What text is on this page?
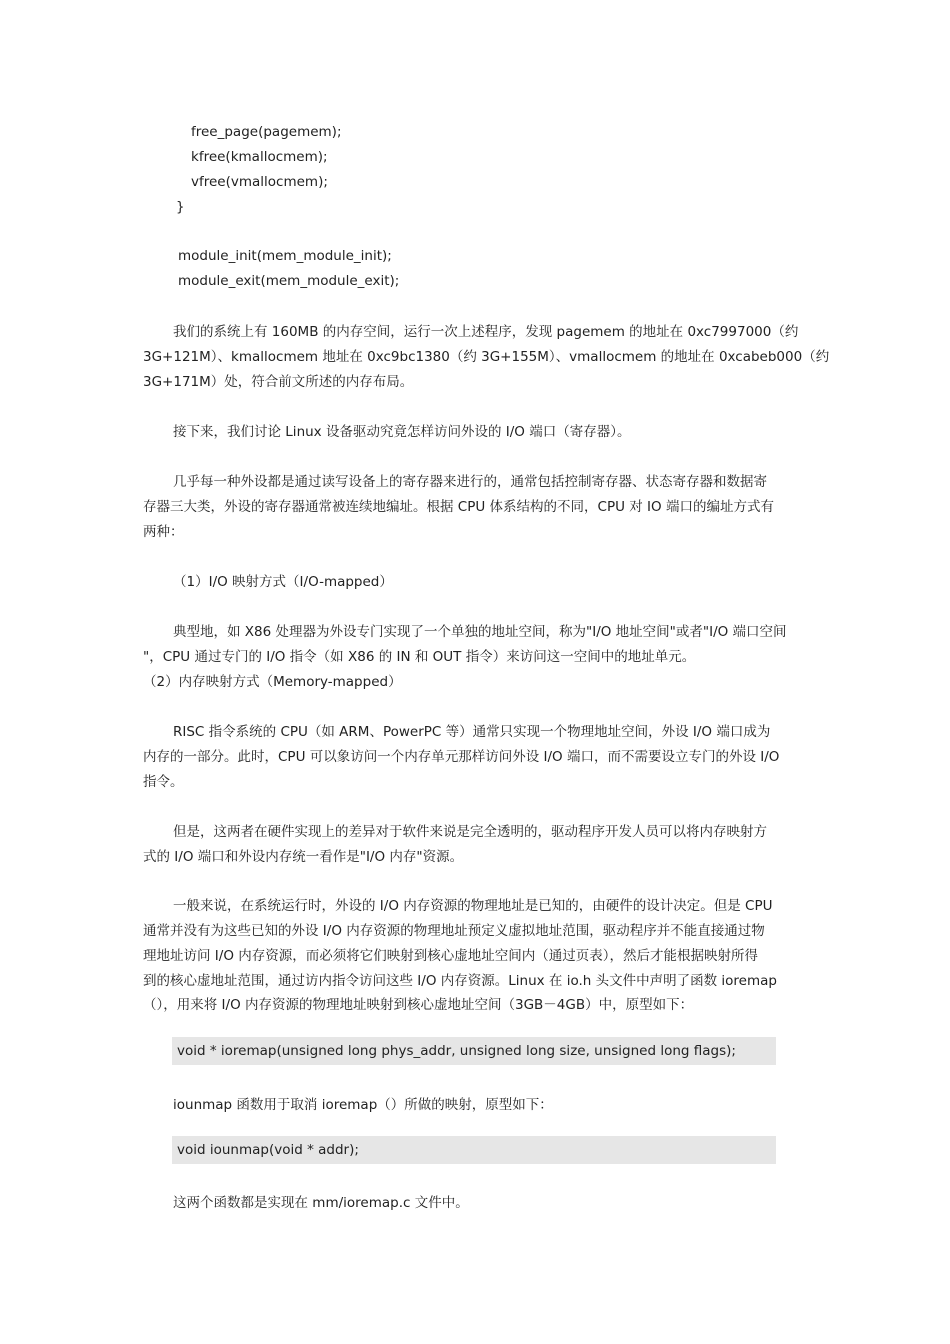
free_page(pagemem);
kfree(kmallocmem);
vfree(vmallocmem);
}
module_init(mem_module_init);
module_exit(mem_module_exit);
我们的系统上有 160MB 的内存空间，运行一次上述程序，发现 pagemem 的地址在 0xc7997000（约
3G+121M）、kmallocmem 地址在 0xc9bc1380（约 3G+155M）、vmallocmem 的地址在 0xcabeb000（约
3G+171M）处，符合前文所述的内存布局。
接下来，我们讨论 Linux 设备驱动究竟怎样访问外设的 I/O 端口（寄存器）。
几乎每一种外设都是通过读写设备上的寄存器来进行的，通常包括控制寄存器、状态寄存器和数据寄
存器三大类，外设的寄存器通常被连续地编址。根据 CPU 体系结构的不同，CPU 对 IO 端口的编址方式有
两种：
（1）I/O 映射方式（I/O-mapped）
典型地，如 X86 处理器为外设专门实现了一个单独的地址空间，称为"I/O 地址空间"或者"I/O 端口空间
"，CPU 通过专门的 I/O 指令（如 X86 的 IN 和 OUT 指令）来访问这一空间中的地址单元。
（2）内存映射方式（Memory-mapped）
RISC 指令系统的 CPU（如 ARM、PowerPC 等）通常只实现一个物理地址空间，外设 I/O 端口成为
内存的一部分。此时，CPU 可以象访问一个内存单元那样访问外设 I/O 端口，而不需要设立专门的外设 I/O
指令。
但是，这两者在硬件实现上的差异对于软件来说是完全透明的，驱动程序开发人员可以将内存映射方
式的 I/O 端口和外设内存统一看作是"I/O 内存"资源。
一般来说，在系统运行时，外设的 I/O 内存资源的物理地址是已知的，由硬件的设计决定。但是 CPU
通常并没有为这些已知的外设 I/O 内存资源的物理地址预定义虚拟地址范围，驱动程序并不能直接通过物
理地址访问 I/O 内存资源，而必须将它们映射到核心虚地址空间内（通过页表），然后才能根据映射所得
到的核心虚地址范围，通过访内指令访问这些 I/O 内存资源。Linux 在 io.h 头文件中声明了函数 ioremap
（），用来将 I/O 内存资源的物理地址映射到核心虚地址空间（3GB－4GB）中，原型如下：
void * ioremap(unsigned long phys_addr, unsigned long size, unsigned long flags);
iounmap 函数用于取消 ioremap（）所做的映射，原型如下：
void iounmap(void * addr);
这两个函数都是实现在 mm/ioremap.c 文件中。
